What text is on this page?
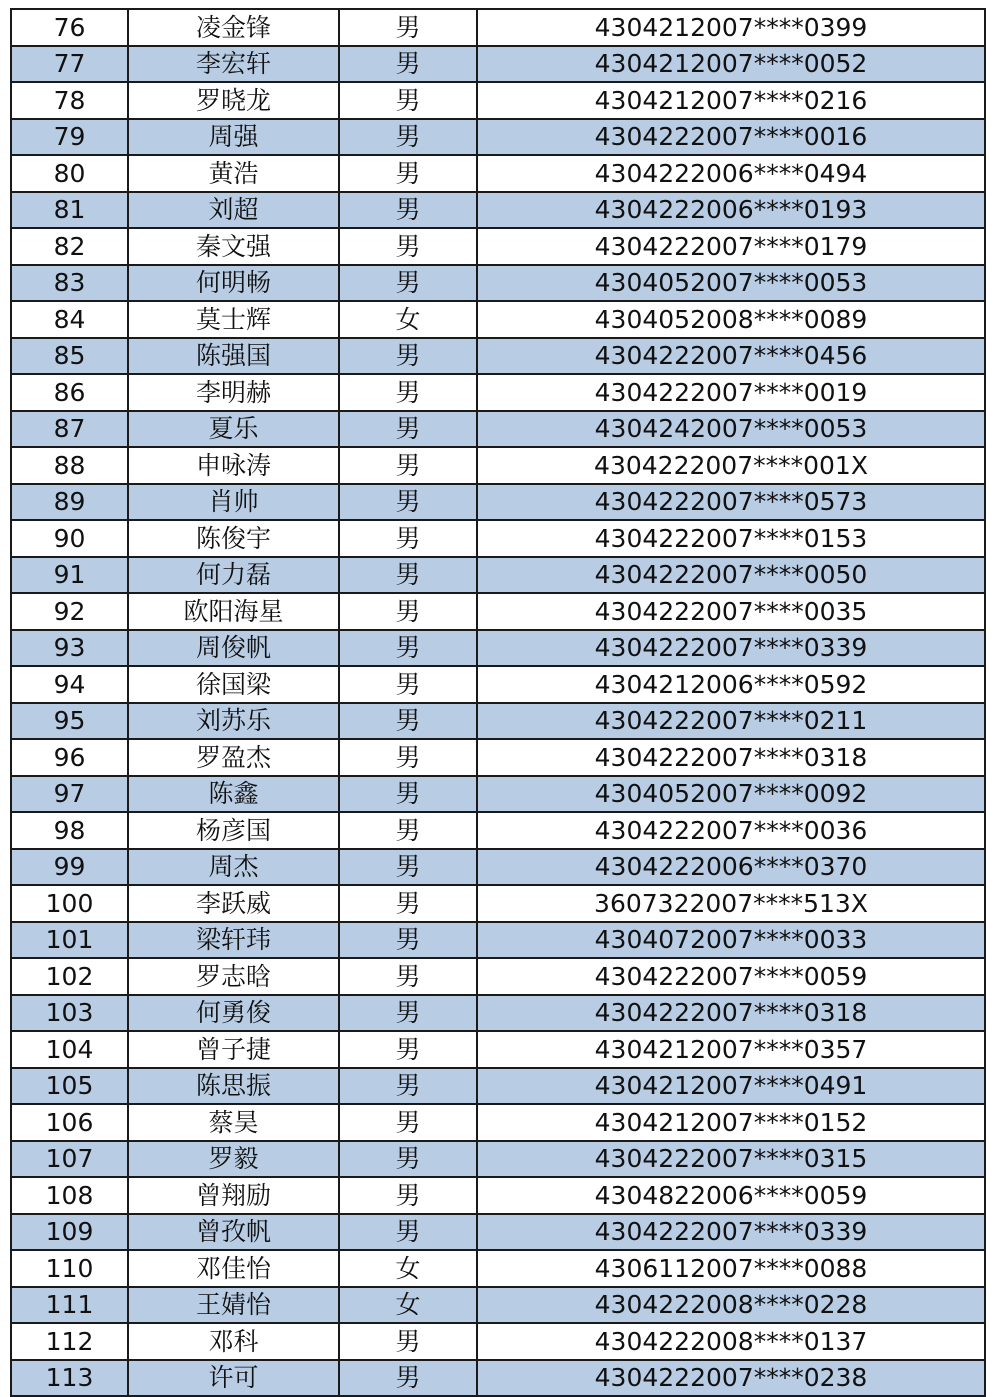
76	凌金锋	男	4304212007****0399
77	李宏轩	男	4304212007****0052
78	罗晓龙	男	4304212007****0216
79	周强	男	4304222007****0016
80	黄浩	男	4304222006****0494
81	刘超	男	4304222006****0193
82	秦文强	男	4304222007****0179
83	何明畅	男	4304052007****0053
84	莫士辉	女	4304052008****0089
85	陈强国	男	4304222007****0456
86	李明赫	男	4304222007****0019
87	夏乐	男	4304242007****0053
88	申咏涛	男	4304222007****001X
89	肖帅	男	4304222007****0573
90	陈俊宇	男	4304222007****0153
91	何力磊	男	4304222007****0050
92	欧阳海星	男	4304222007****0035
93	周俊帆	男	4304222007****0339
94	徐国梁	男	4304212006****0592
95	刘苏乐	男	4304222007****0211
96	罗盈杰	男	4304222007****0318
97	陈鑫	男	4304052007****0092
98	杨彦国	男	4304222007****0036
99	周杰	男	4304222006****0370
100	李跃威	男	3607322007****513X
101	梁轩玮	男	4304072007****0033
102	罗志晗	男	4304222007****0059
103	何勇俊	男	4304222007****0318
104	曾子捷	男	4304212007****0357
105	陈思振	男	4304212007****0491
106	蔡昊	男	4304212007****0152
107	罗毅	男	4304222007****0315
108	曾翔励	男	4304822006****0059
109	曾孜帆	男	4304222007****0339
110	邓佳怡	女	4306112007****0088
111	王婧怡	女	4304222008****0228
112	邓科	男	4304222008****0137
113	许可	男	4304222007****0238
